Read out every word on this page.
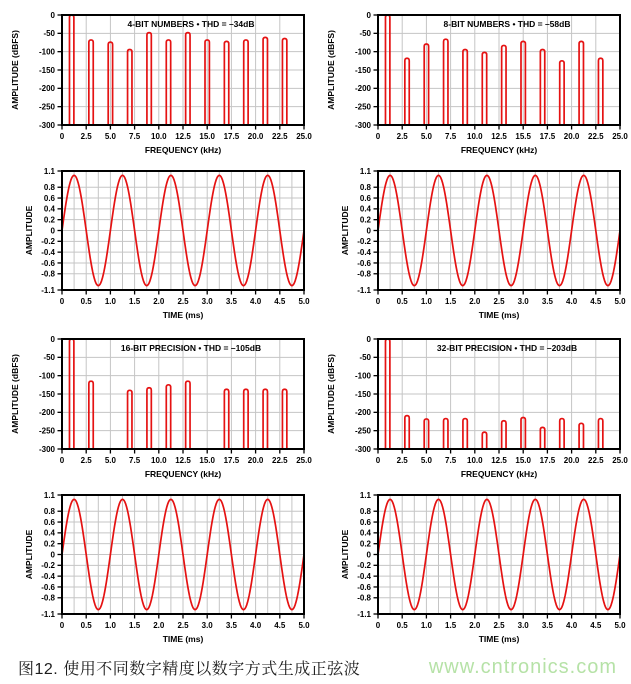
0 2.5 5.0 7.5 10.0 12.5 15.0 17.5 20.0 22.5 25.0
0
-50
-100
-150
-200
-250
-300
FREQUENCY (kHz)
AMPLITUDE (dBFS)
4-BIT NUMBERS • THD = –34dB
0 2.5 5.0 7.5 10.0 12.5 15.5 17.5 20.0 22.5 25.0
0
-50
-100
-150
-200
-250
-300
FREQUENCY (kHz)
AMPLITUDE (dBFS)
8-BIT NUMBERS • THD = –58dB
0 0.5 1.0 1.5 2.0 2.5 3.0 3.5 4.0 4.5 5.0
1.1
0.8
0.6
0.4
0.2
0
-0.2
-0.4
-0.6
-0.8
-1.1
TIME (ms)
AMPLITUDE
0 0.5 1.0 1.5 2.0 2.5 3.0 3.5 4.0 4.5 5.0
1.1
0.8
0.6
0.4
0.2
0
-0.2
-0.4
-0.6
-0.8
-1.1
TIME (ms)
AMPLITUDE
0 2.5 5.0 7.5 10.0 12.5 15.0 17.5 20.0 22.5 25.0
0
-50
-100
-150
-200
-250
-300
FREQUENCY (kHz)
AMPLITUDE (dBFS)
16-BIT PRECISION • THD = –105dB
0 2.5 5.0 7.5 10.0 12.5 15.0 17.5 20.0 22.5 25.0
0
-50
-100
-150
-200
-250
-300
FREQUENCY (kHz)
AMPLITUDE (dBFS)
32-BIT PRECISION • THD = –203dB
0 0.5 1.0 1.5 2.0 2.5 3.0 3.5 4.0 4.5 5.0
1.1
0.8
0.6
0.4
0.2
0
-0.2
-0.4
-0.6
-0.8
-1.1
TIME (ms)
AMPLITUDE
0 0.5 1.0 1.5 2.0 2.5 3.0 3.5 4.0 4.5 5.0
1.1
0.8
0.6
0.4
0.2
0
-0.2
-0.4
-0.6
-0.8
-1.1
TIME (ms)
AMPLITUDE
图12. 使用不同数字精度以数字方式生成正弦波	www.cntronics.com
